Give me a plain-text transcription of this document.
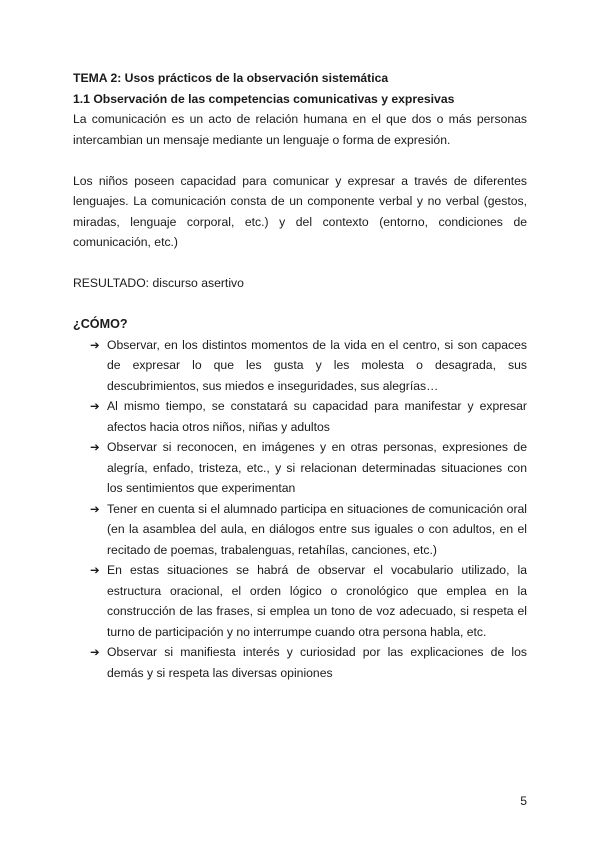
TEMA 2: Usos prácticos de la observación sistemática
1.1 Observación de las competencias comunicativas y expresivas

La comunicación es un acto de relación humana en el que dos o más personas intercambian un mensaje mediante un lenguaje o forma de expresión.

Los niños poseen capacidad para comunicar y expresar a través de diferentes lenguajes. La comunicación consta de un componente verbal y no verbal (gestos, miradas, lenguaje corporal, etc.) y del contexto (entorno, condiciones de comunicación, etc.)

RESULTADO: discurso asertivo

¿CÓMO?
➔ Observar, en los distintos momentos de la vida en el centro, si son capaces de expresar lo que les gusta y les molesta o desagrada, sus descubrimientos, sus miedos e inseguridades, sus alegrías…
➔ Al mismo tiempo, se constatará su capacidad para manifestar y expresar afectos hacia otros niños, niñas y adultos
➔ Observar si reconocen, en imágenes y en otras personas, expresiones de alegría, enfado, tristeza, etc., y si relacionan determinadas situaciones con los sentimientos que experimentan
➔ Tener en cuenta si el alumnado participa en situaciones de comunicación oral (en la asamblea del aula, en diálogos entre sus iguales o con adultos, en el recitado de poemas, trabalenguas, retahílas, canciones, etc.)
➔ En estas situaciones se habrá de observar el vocabulario utilizado, la estructura oracional, el orden lógico o cronológico que emplea en la construcción de las frases, si emplea un tono de voz adecuado, si respeta el turno de participación y no interrumpe cuando otra persona habla, etc.
➔ Observar si manifiesta interés y curiosidad por las explicaciones de los demás y si respeta las diversas opiniones
5
